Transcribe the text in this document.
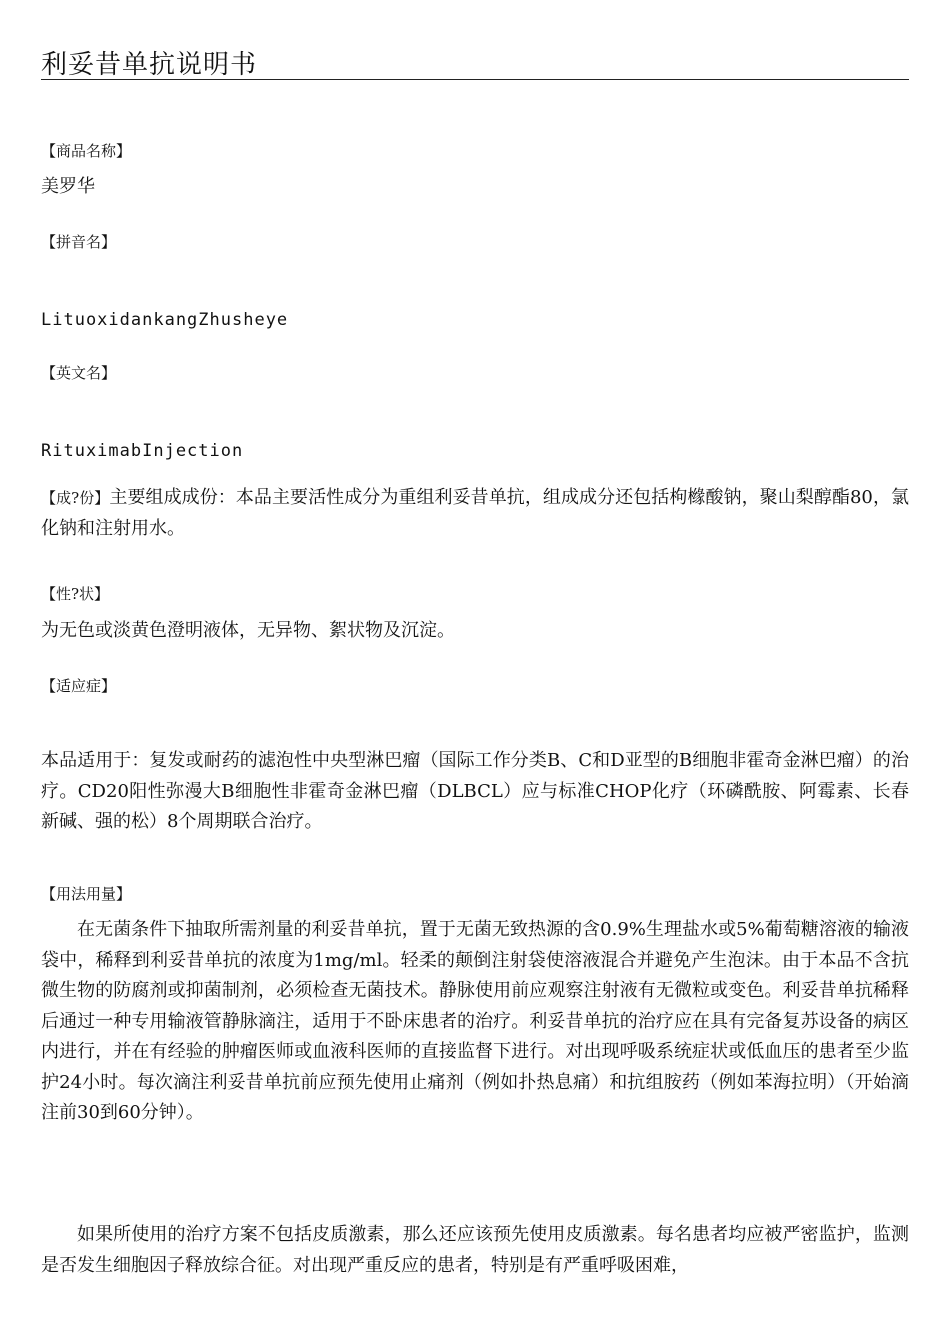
利妥昔单抗说明书
【商品名称】
美罗华
【拼音名】
LituoxidankangZhusheye
【英文名】
RituximabInjection
【成?份】主要组成成份：本品主要活性成分为重组利妥昔单抗，组成成分还包括枸橼酸钠，聚山梨醇酯80，氯化钠和注射用水。
【性?状】
为无色或淡黄色澄明液体，无异物、絮状物及沉淀。
【适应症】
本品适用于：复发或耐药的滤泡性中央型淋巴瘤（国际工作分类B、C和D亚型的B细胞非霍奇金淋巴瘤）的治疗。CD20阳性弥漫大B细胞性非霍奇金淋巴瘤（DLBCL）应与标准CHOP化疗（环磷酰胺、阿霉素、长春新碱、强的松）8个周期联合治疗。
【用法用量】
在无菌条件下抽取所需剂量的利妥昔单抗，置于无菌无致热源的含0.9%生理盐水或5%葡萄糖溶液的输液袋中，稀释到利妥昔单抗的浓度为1mg/ml。轻柔的颠倒注射袋使溶液混合并避免产生泡沫。由于本品不含抗微生物的防腐剂或抑菌制剂，必须检查无菌技术。静脉使用前应观察注射液有无微粒或变色。利妥昔单抗稀释后通过一种专用输液管静脉滴注，适用于不卧床患者的治疗。利妥昔单抗的治疗应在具有完备复苏设备的病区内进行，并在有经验的肿瘤医师或血液科医师的直接监督下进行。对出现呼吸系统症状或低血压的患者至少监护24小时。每次滴注利妥昔单抗前应预先使用止痛剂（例如扑热息痛）和抗组胺药（例如苯海拉明）（开始滴注前30到60分钟）。
如果所使用的治疗方案不包括皮质激素，那么还应该预先使用皮质激素。每名患者均应被严密监护，监测是否发生细胞因子释放综合征。对出现严重反应的患者，特别是有严重呼吸困难，
